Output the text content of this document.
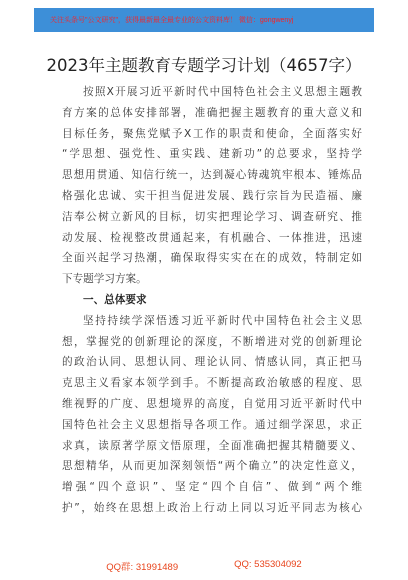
关注头条号"公文研究"，获得最新最全最专业的公文资料库！ 微信：gongwenyj
2023年主题教育专题学习计划（4657字）
按照X开展习近平新时代中国特色社会主义思想主题教
育方案的总体安排部署，准确把握主题教育的重大意义和
目标任务，聚焦党赋予X工作的职责和使命，全面落实好
“学思想、强党性、重实践、建新功”的总要求，坚持学
思想用贯通、知信行统一，达到凝心铸魂筑牢根本、锤炼品
格强化忠诚、实干担当促进发展、践行宗旨为民造福、廉
洁奉公树立新风的目标，切实把理论学习、调查研究、推
动发展、检视整改贯通起来，有机融合、一体推进，迅速
全面兴起学习热潮，确保取得实实在在的成效，特制定如
下专题学习方案。
一、总体要求
坚持持续学深悟透习近平新时代中国特色社会主义思
想，掌握党的创新理论的深度，不断增进对党的创新理论
的政治认同、思想认同、理论认同、情感认同，真正把马
克思主义看家本领学到手。不断提高政治敏感的程度、思
维视野的广度、思想境界的高度，自觉用习近平新时代中
国特色社会主义思想指导各项工作。通过细学深思，求正
求真，读原著学原文悟原理，全面准确把握其精髓要义、
思想精华，从而更加深刻领悟“两个确立”的决定性意义，
增强“四个意识”、坚定“四个自信”、做到“两个维
护”，始终在思想上政治上行动上同以习近平同志为核心
QQ群: 31991489	QQ: 535304092
